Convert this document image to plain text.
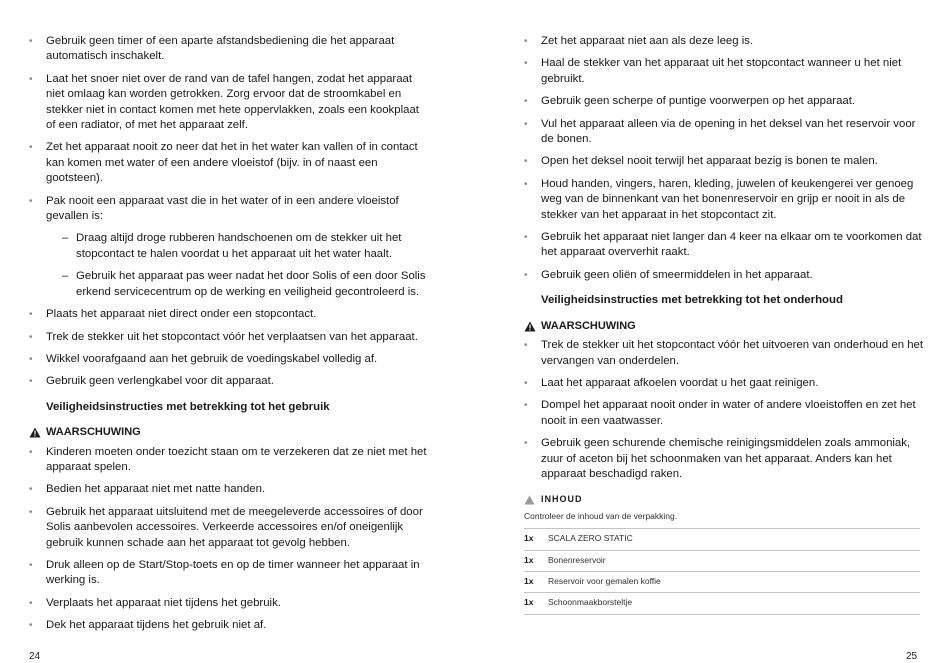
• Gebruik geen timer of een aparte afstandsbediening die het apparaat automatisch inschakelt.
• Laat het snoer niet over de rand van de tafel hangen, zodat het apparaat niet omlaag kan worden getrokken. Zorg ervoor dat de stroomkabel en stekker niet in contact komen met hete oppervlakken, zoals een kookplaat of een radiator, of met het apparaat zelf.
• Zet het apparaat nooit zo neer dat het in het water kan vallen of in contact kan komen met water of een andere vloeistof (bijv. in of naast een gootsteen).
• Pak nooit een apparaat vast die in het water of in een andere vloeistof gevallen is:
– Draag altijd droge rubberen handschoenen om de stekker uit het stopcontact te halen voordat u het apparaat uit het water haalt.
– Gebruik het apparaat pas weer nadat het door Solis of een door Solis erkend servicecentrum op de werking en veiligheid gecontroleerd is.
• Plaats het apparaat niet direct onder een stopcontact.
• Trek de stekker uit het stopcontact vóór het verplaatsen van het apparaat.
• Wikkel voorafgaand aan het gebruik de voedingskabel volledig af.
• Gebruik geen verlengkabel voor dit apparaat.
Veiligheidsinstructies met betrekking tot het gebruik
WAARSCHUWING
• Kinderen moeten onder toezicht staan om te verzekeren dat ze niet met het apparaat spelen.
• Bedien het apparaat niet met natte handen.
• Gebruik het apparaat uitsluitend met de meegeleverde accessoires of door Solis aanbevolen accessoires. Verkeerde accessoires en/of oneigenlijk gebruik kunnen schade aan het apparaat tot gevolg hebben.
• Druk alleen op de Start/Stop-toets en op de timer wanneer het apparaat in werking is.
• Verplaats het apparaat niet tijdens het gebruik.
• Dek het apparaat tijdens het gebruik niet af.
• Zet het apparaat niet aan als deze leeg is.
• Haal de stekker van het apparaat uit het stopcontact wanneer u het niet gebruikt.
• Gebruik geen scherpe of puntige voorwerpen op het apparaat.
• Vul het apparaat alleen via de opening in het deksel van het reservoir voor de bonen.
• Open het deksel nooit terwijl het apparaat bezig is bonen te malen.
• Houd handen, vingers, haren, kleding, juwelen of keukengerei ver genoeg weg van de binnenkant van het bonenreservoir en grijp er nooit in als de stekker van het apparaat in het stopcontact zit.
• Gebruik het apparaat niet langer dan 4 keer na elkaar om te voorkomen dat het apparaat oververhit raakt.
• Gebruik geen oliën of smeermiddelen in het apparaat.
Veiligheidsinstructies met betrekking tot het onderhoud
WAARSCHUWING
• Trek de stekker uit het stopcontact vóór het uitvoeren van onderhoud en het vervangen van onderdelen.
• Laat het apparaat afkoelen voordat u het gaat reinigen.
• Dompel het apparaat nooit onder in water of andere vloeistoffen en zet het nooit in een vaatwasser.
• Gebruik geen schurende chemische reinigingsmiddelen zoals ammoniak, zuur of aceton bij het schoonmaken van het apparaat. Anders kan het apparaat beschadigd raken.
INHOUD
Controleer de inhoud van de verpakking.
1x	SCALA ZERO STATIC
1x	Bonenreservoir
1x	Reservoir voor gemalen koffie
1x	Schoonmaakborsteltje
24	25
